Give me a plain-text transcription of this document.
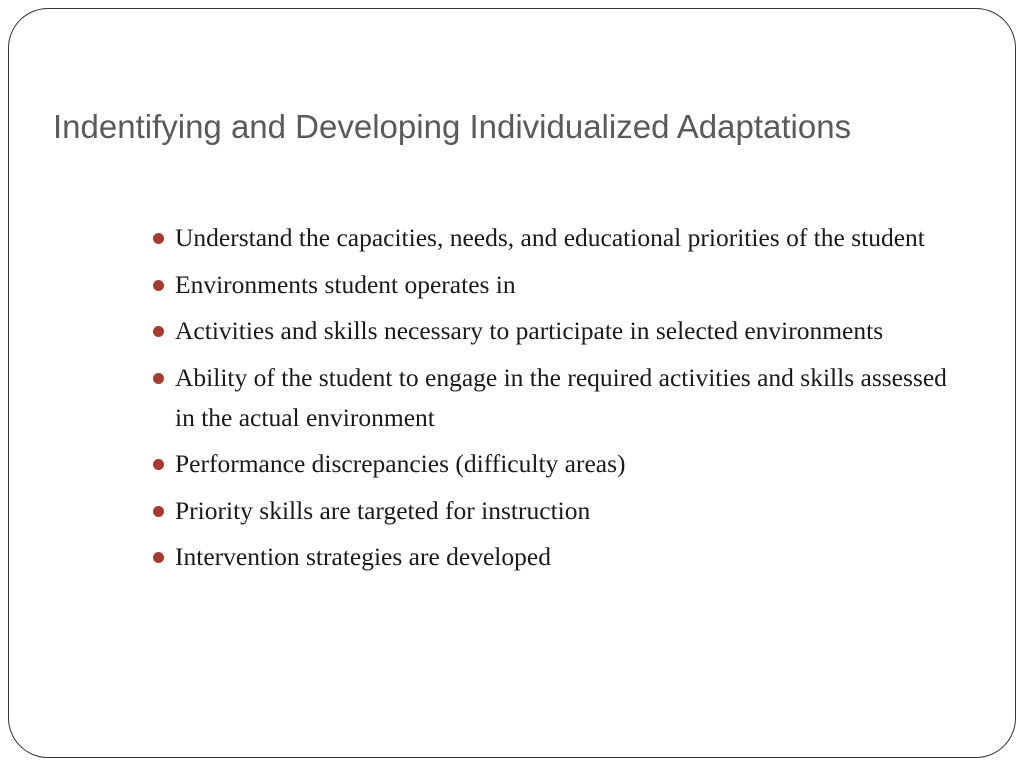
Indentifying and Developing Individualized Adaptations
Understand the capacities, needs, and educational priorities of the student
Environments student operates in
Activities and skills necessary to participate in selected environments
Ability of the student to engage in the required activities and skills assessed in the actual environment
Performance discrepancies (difficulty areas)
Priority skills are targeted for instruction
Intervention strategies are developed
